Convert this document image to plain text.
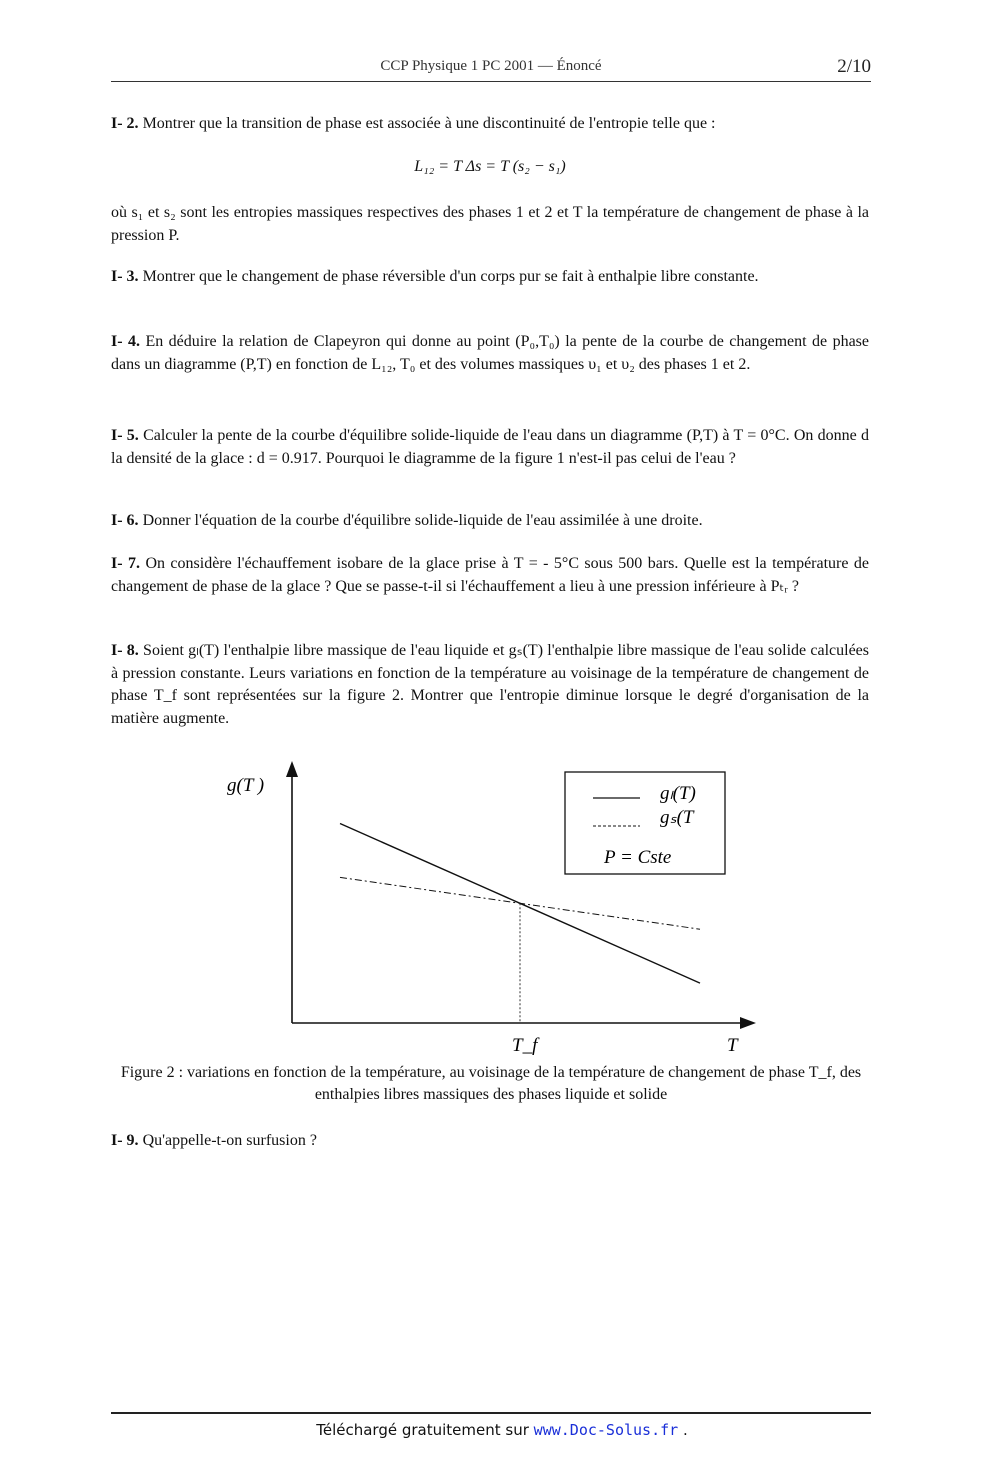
CCP Physique 1 PC 2001 — Énoncé	2/10
I- 2. Montrer que la transition de phase est associée à une discontinuité de l'entropie telle que :
L₁₂ = T Δs = T (s₂ − s₁)
où s₁ et s₂ sont les entropies massiques respectives des phases 1 et 2 et T la température de changement de phase à la pression P.
I- 3. Montrer que le changement de phase réversible d'un corps pur se fait à enthalpie libre constante.
I- 4. En déduire la relation de Clapeyron qui donne au point (P₀,T₀) la pente de la courbe de changement de phase dans un diagramme (P,T) en fonction de L₁₂, T₀ et des volumes massiques υ₁ et υ₂ des phases 1 et 2.
I- 5. Calculer la pente de la courbe d'équilibre solide-liquide de l'eau dans un diagramme (P,T) à T = 0°C. On donne d la densité de la glace : d = 0.917. Pourquoi le diagramme de la figure 1 n'est-il pas celui de l'eau ?
I- 6. Donner l'équation de la courbe d'équilibre solide-liquide de l'eau assimilée à une droite.
I- 7. On considère l'échauffement isobare de la glace prise à T = - 5°C sous 500 bars. Quelle est la température de changement de phase de la glace ? Que se passe-t-il si l'échauffement a lieu à une pression inférieure à Pₜᵣ ?
I- 8. Soient gₗ(T) l'enthalpie libre massique de l'eau liquide et gₛ(T) l'enthalpie libre massique de l'eau solide calculées à pression constante. Leurs variations en fonction de la température au voisinage de la température de changement de phase T_f sont représentées sur la figure 2. Montrer que l'entropie diminue lorsque le degré d'organisation de la matière augmente.
g(T )
T
T_f
gₗ(T)
gₛ(T
P = Cste
Figure 2 : variations en fonction de la température, au voisinage de la température de changement de phase T_f, des enthalpies libres massiques des phases liquide et solide
I- 9. Qu'appelle-t-on surfusion ?
Téléchargé gratuitement sur www.Doc-Solus.fr .
